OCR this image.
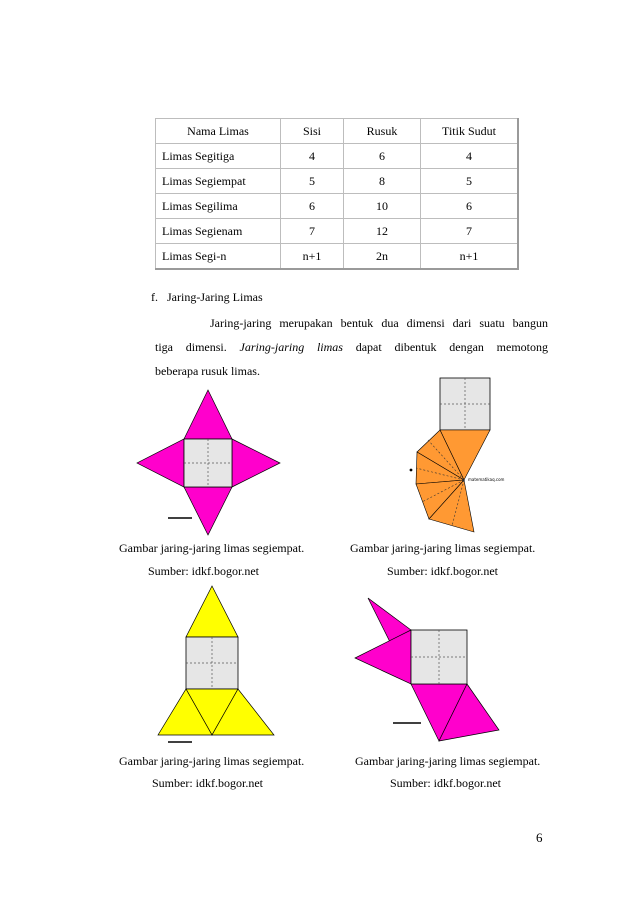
Nama Limas	Sisi	Rusuk	Titik Sudut
Limas Segitiga	4	6	4
Limas Segiempat	5	8	5
Limas Segilima	6	10	6
Limas Segienam	7	12	7
Limas Segi-n	n+1	2n	n+1
f. Jaring-Jaring Limas
Jaring-jaring merupakan bentuk dua dimensi dari suatu bangun
tiga dimensi. Jaring-jaring limas dapat dibentuk dengan memotong
beberapa rusuk limas.
matematikaq.com
Gambar jaring-jaring limas segiempat.
Sumber: idkf.bogor.net
Gambar jaring-jaring limas segiempat.
Sumber: idkf.bogor.net
Gambar jaring-jaring limas segiempat.
Sumber: idkf.bogor.net
Gambar jaring-jaring limas segiempat.
Sumber: idkf.bogor.net
6
